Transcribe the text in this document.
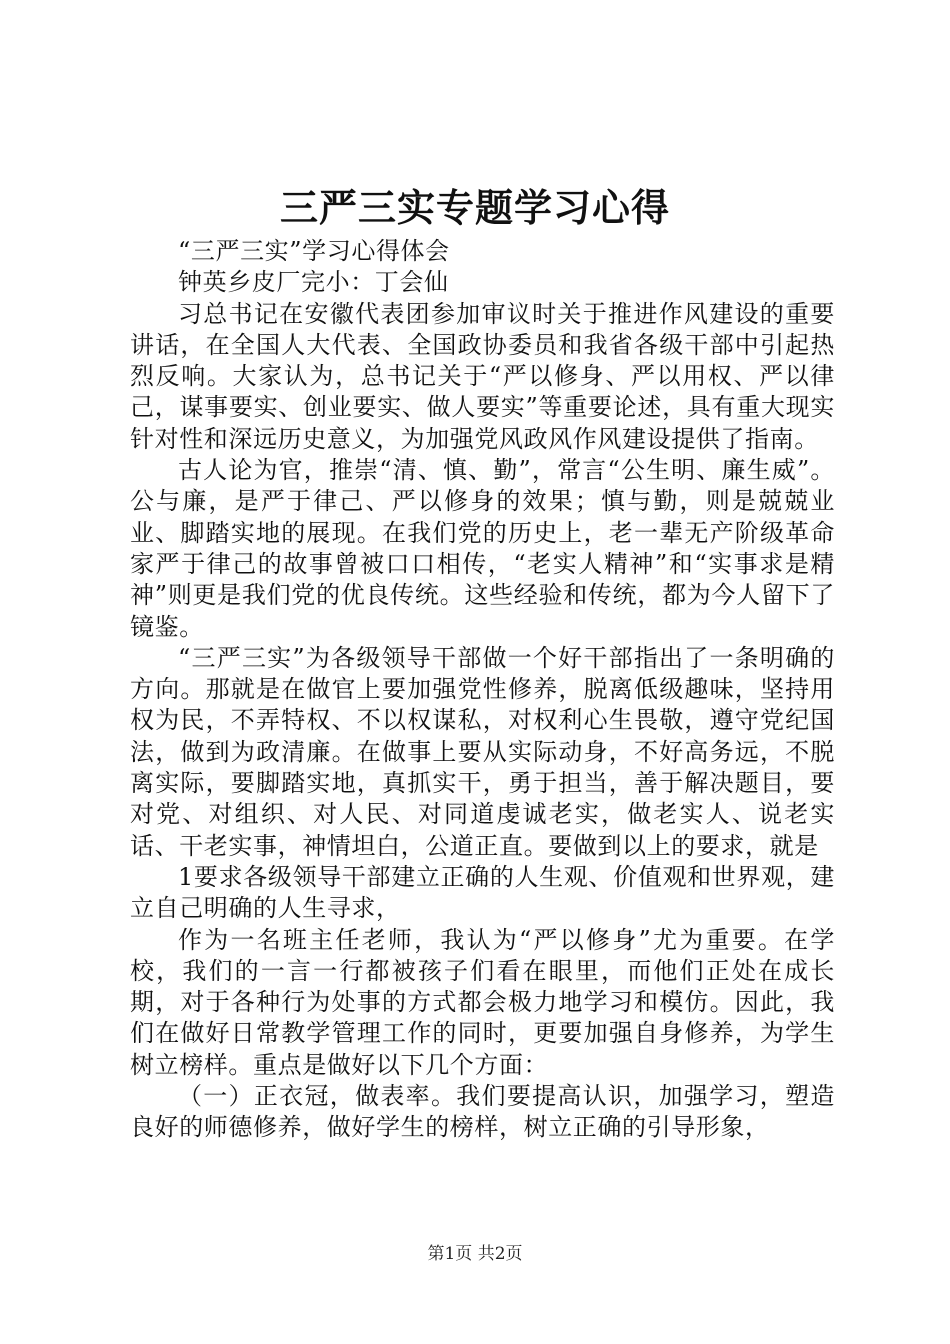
三严三实专题学习心得

“三严三实”学习心得体会

钟英乡皮厂完小：丁会仙

习总书记在安徽代表团参加审议时关于推进作风建设的重要讲话，在全国人大代表、全国政协委员和我省各级干部中引起热烈反响。大家认为，总书记关于“严以修身、严以用权、严以律己，谋事要实、创业要实、做人要实”等重要论述，具有重大现实针对性和深远历史意义，为加强党风政风作风建设提供了指南。

古人论为官，推崇“清、慎、勤”，常言“公生明、廉生威”。公与廉，是严于律己、严以修身的效果；慎与勤，则是兢兢业业、脚踏实地的展现。在我们党的历史上，老一辈无产阶级革命家严于律己的故事曾被口口相传，“老实人精神”和“实事求是精神”则更是我们党的优良传统。这些经验和传统，都为今人留下了镜鉴。

“三严三实”为各级领导干部做一个好干部指出了一条明确的方向。那就是在做官上要加强党性修养，脱离低级趣味，坚持用权为民，不弄特权、不以权谋私，对权利心生畏敬，遵守党纪国法，做到为政清廉。在做事上要从实际动身，不好高务远，不脱离实际，要脚踏实地，真抓实干，勇于担当，善于解决题目，要对党、对组织、对人民、对同道虔诚老实，做老实人、说老实话、干老实事，神情坦白，公道正直。要做到以上的要求，就是

1要求各级领导干部建立正确的人生观、价值观和世界观，建立自己明确的人生寻求，

作为一名班主任老师，我认为“严以修身”尤为重要。在学校，我们的一言一行都被孩子们看在眼里，而他们正处在成长期，对于各种行为处事的方式都会极力地学习和模仿。因此，我们在做好日常教学管理工作的同时，更要加强自身修养，为学生树立榜样。重点是做好以下几个方面：

（一）正衣冠，做表率。我们要提高认识，加强学习，塑造良好的师德修养，做好学生的榜样，树立正确的引导形象，

第1页 共2页
